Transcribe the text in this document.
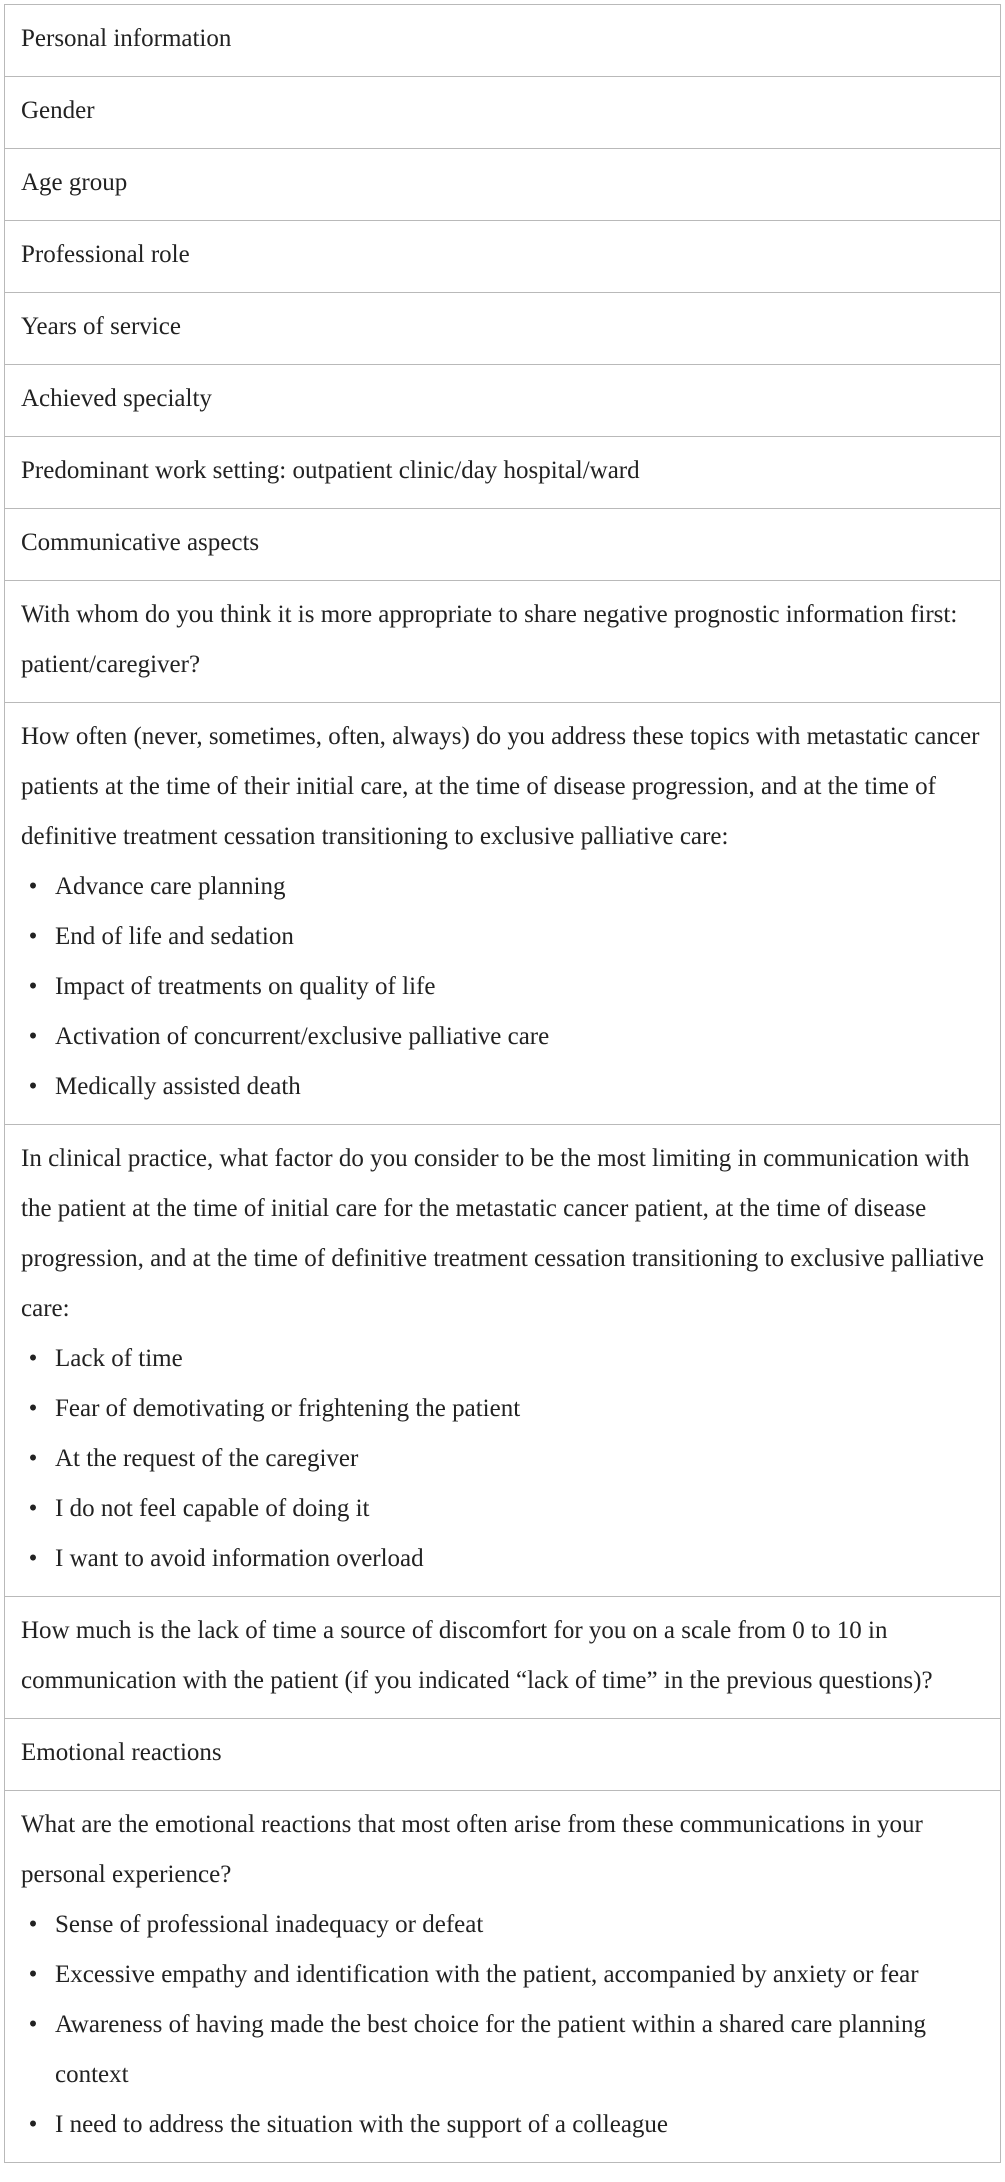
Personal information
Gender
Age group
Professional role
Years of service
Achieved specialty
Predominant work setting: outpatient clinic/day hospital/ward
Communicative aspects
With whom do you think it is more appropriate to share negative prognostic information first: patient/caregiver?

How often (never, sometimes, often, always) do you address these topics with metastatic cancer patients at the time of their initial care, at the time of disease progression, and at the time of definitive treatment cessation transitioning to exclusive palliative care:
• Advance care planning
• End of life and sedation
• Impact of treatments on quality of life
• Activation of concurrent/exclusive palliative care
• Medically assisted death

In clinical practice, what factor do you consider to be the most limiting in communication with the patient at the time of initial care for the metastatic cancer patient, at the time of disease progression, and at the time of definitive treatment cessation transitioning to exclusive palliative care:
• Lack of time
• Fear of demotivating or frightening the patient
• At the request of the caregiver
• I do not feel capable of doing it
• I want to avoid information overload

How much is the lack of time a source of discomfort for you on a scale from 0 to 10 in communication with the patient (if you indicated “lack of time” in the previous questions)?
Emotional reactions

What are the emotional reactions that most often arise from these communications in your personal experience?
• Sense of professional inadequacy or defeat
• Excessive empathy and identification with the patient, accompanied by anxiety or fear
• Awareness of having made the best choice for the patient within a shared care planning context
• I need to address the situation with the support of a colleague
